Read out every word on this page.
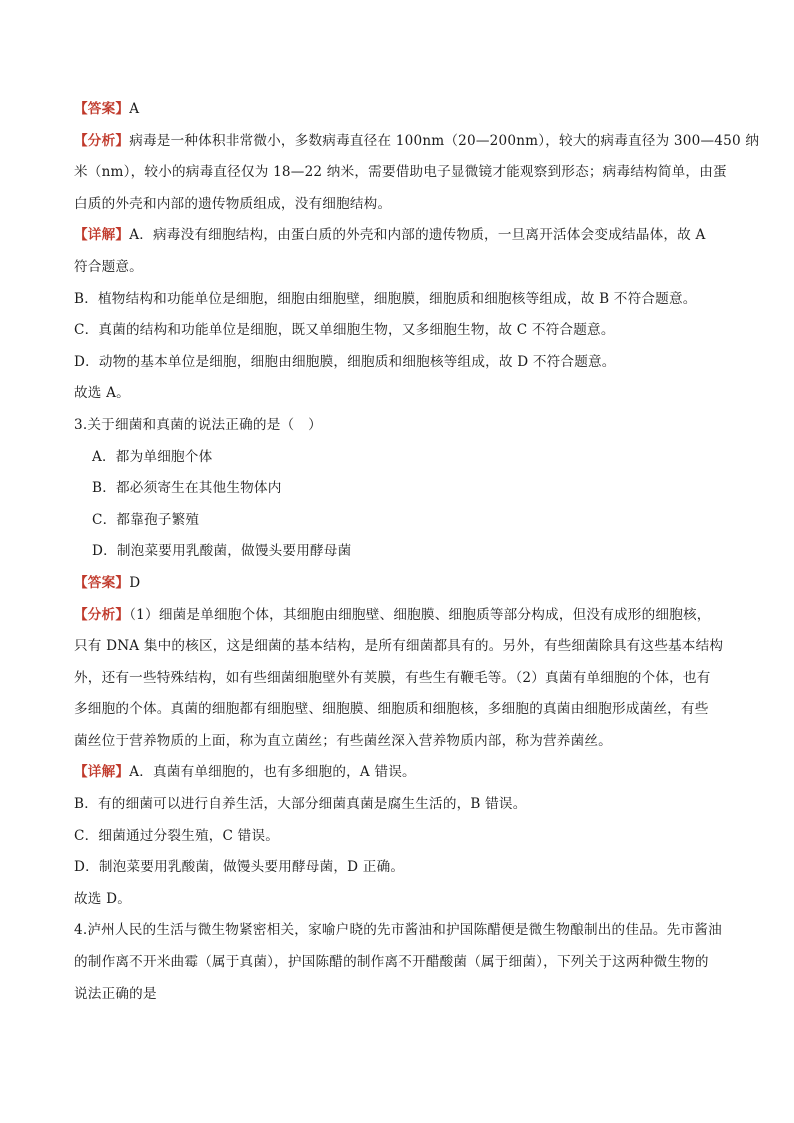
【答案】A
【分析】病毒是一种体积非常微小，多数病毒直径在 100nm（20—200nm），较大的病毒直径为 300—450 纳
米（nm），较小的病毒直径仅为 18—22 纳米，需要借助电子显微镜才能观察到形态；病毒结构简单，由蛋
白质的外壳和内部的遗传物质组成，没有细胞结构。
【详解】A．病毒没有细胞结构，由蛋白质的外壳和内部的遗传物质，一旦离开活体会变成结晶体，故 A
符合题意。
B．植物结构和功能单位是细胞，细胞由细胞壁，细胞膜，细胞质和细胞核等组成，故 B 不符合题意。
C．真菌的结构和功能单位是细胞，既又单细胞生物，又多细胞生物，故 C 不符合题意。
D．动物的基本单位是细胞，细胞由细胞膜，细胞质和细胞核等组成，故 D 不符合题意。
故选 A。
3.关于细菌和真菌的说法正确的是（　）
A．都为单细胞个体
B．都必须寄生在其他生物体内
C．都靠孢子繁殖
D．制泡菜要用乳酸菌，做馒头要用酵母菌
【答案】D
【分析】（1）细菌是单细胞个体，其细胞由细胞壁、细胞膜、细胞质等部分构成，但没有成形的细胞核，
只有 DNA 集中的核区，这是细菌的基本结构，是所有细菌都具有的。另外，有些细菌除具有这些基本结构
外，还有一些特殊结构，如有些细菌细胞壁外有荚膜，有些生有鞭毛等。（2）真菌有单细胞的个体，也有
多细胞的个体。真菌的细胞都有细胞壁、细胞膜、细胞质和细胞核，多细胞的真菌由细胞形成菌丝，有些
菌丝位于营养物质的上面，称为直立菌丝；有些菌丝深入营养物质内部，称为营养菌丝。
【详解】A．真菌有单细胞的，也有多细胞的，A 错误。
B．有的细菌可以进行自养生活，大部分细菌真菌是腐生生活的，B 错误。
C．细菌通过分裂生殖，C 错误。
D．制泡菜要用乳酸菌，做馒头要用酵母菌，D 正确。
故选 D。
4.泸州人民的生活与微生物紧密相关，家喻户晓的先市酱油和护国陈醋便是微生物酿制出的佳品。先市酱油
的制作离不开米曲霉（属于真菌），护国陈醋的制作离不开醋酸菌（属于细菌），下列关于这两种微生物的
说法正确的是
